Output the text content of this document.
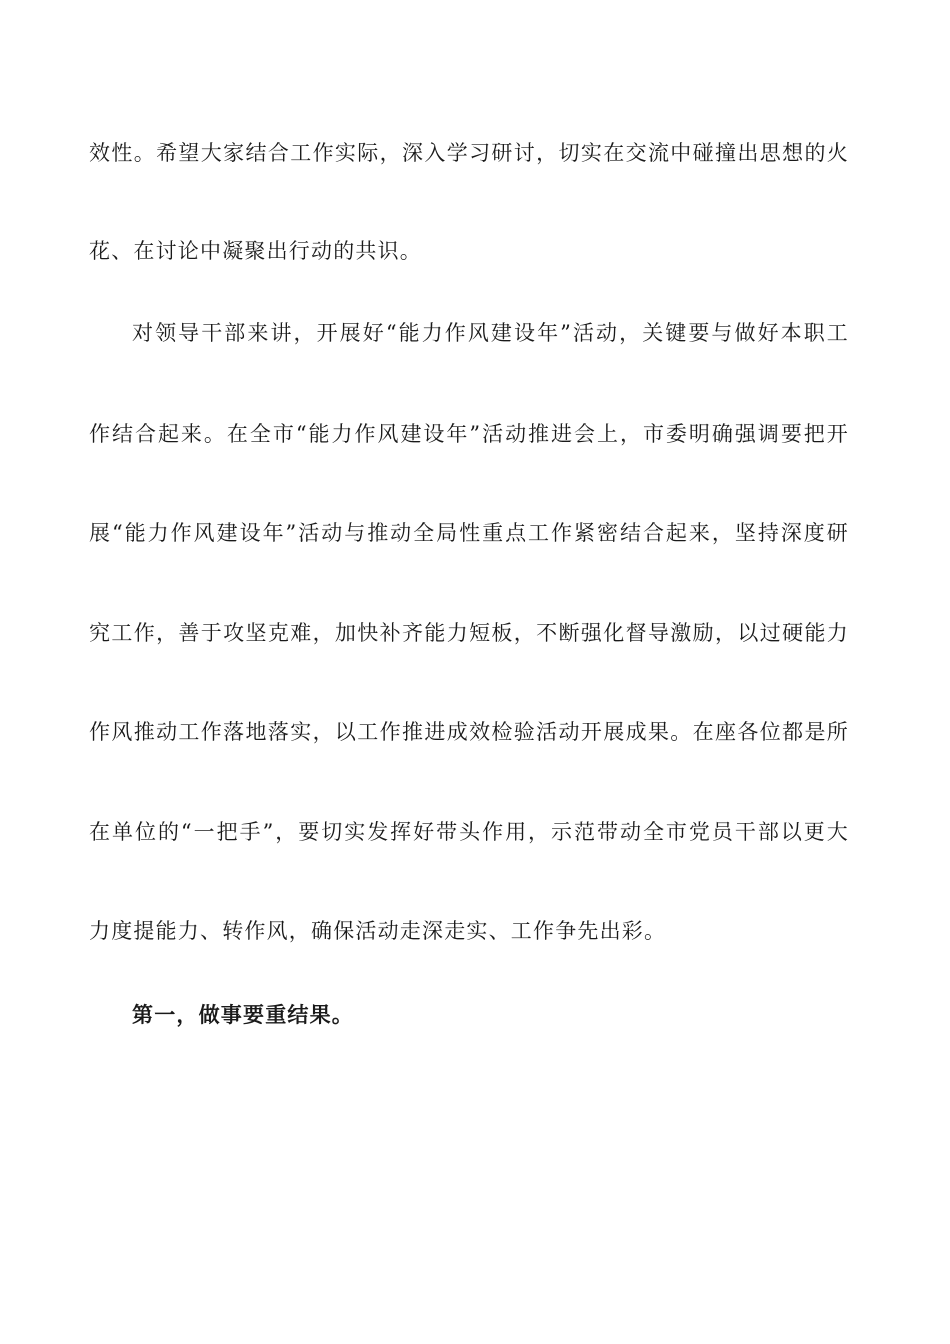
效性。希望大家结合工作实际，深入学习研讨，切实在交流中碰撞出思想的火
花、在讨论中凝聚出行动的共识。
对领导干部来讲，开展好“能力作风建设年”活动，关键要与做好本职工
作结合起来。在全市“能力作风建设年”活动推进会上，市委明确强调要把开
展“能力作风建设年”活动与推动全局性重点工作紧密结合起来，坚持深度研
究工作，善于攻坚克难，加快补齐能力短板，不断强化督导激励，以过硬能力
作风推动工作落地落实，以工作推进成效检验活动开展成果。在座各位都是所
在单位的“一把手”，要切实发挥好带头作用，示范带动全市党员干部以更大
力度提能力、转作风，确保活动走深走实、工作争先出彩。
第一，做事要重结果。
